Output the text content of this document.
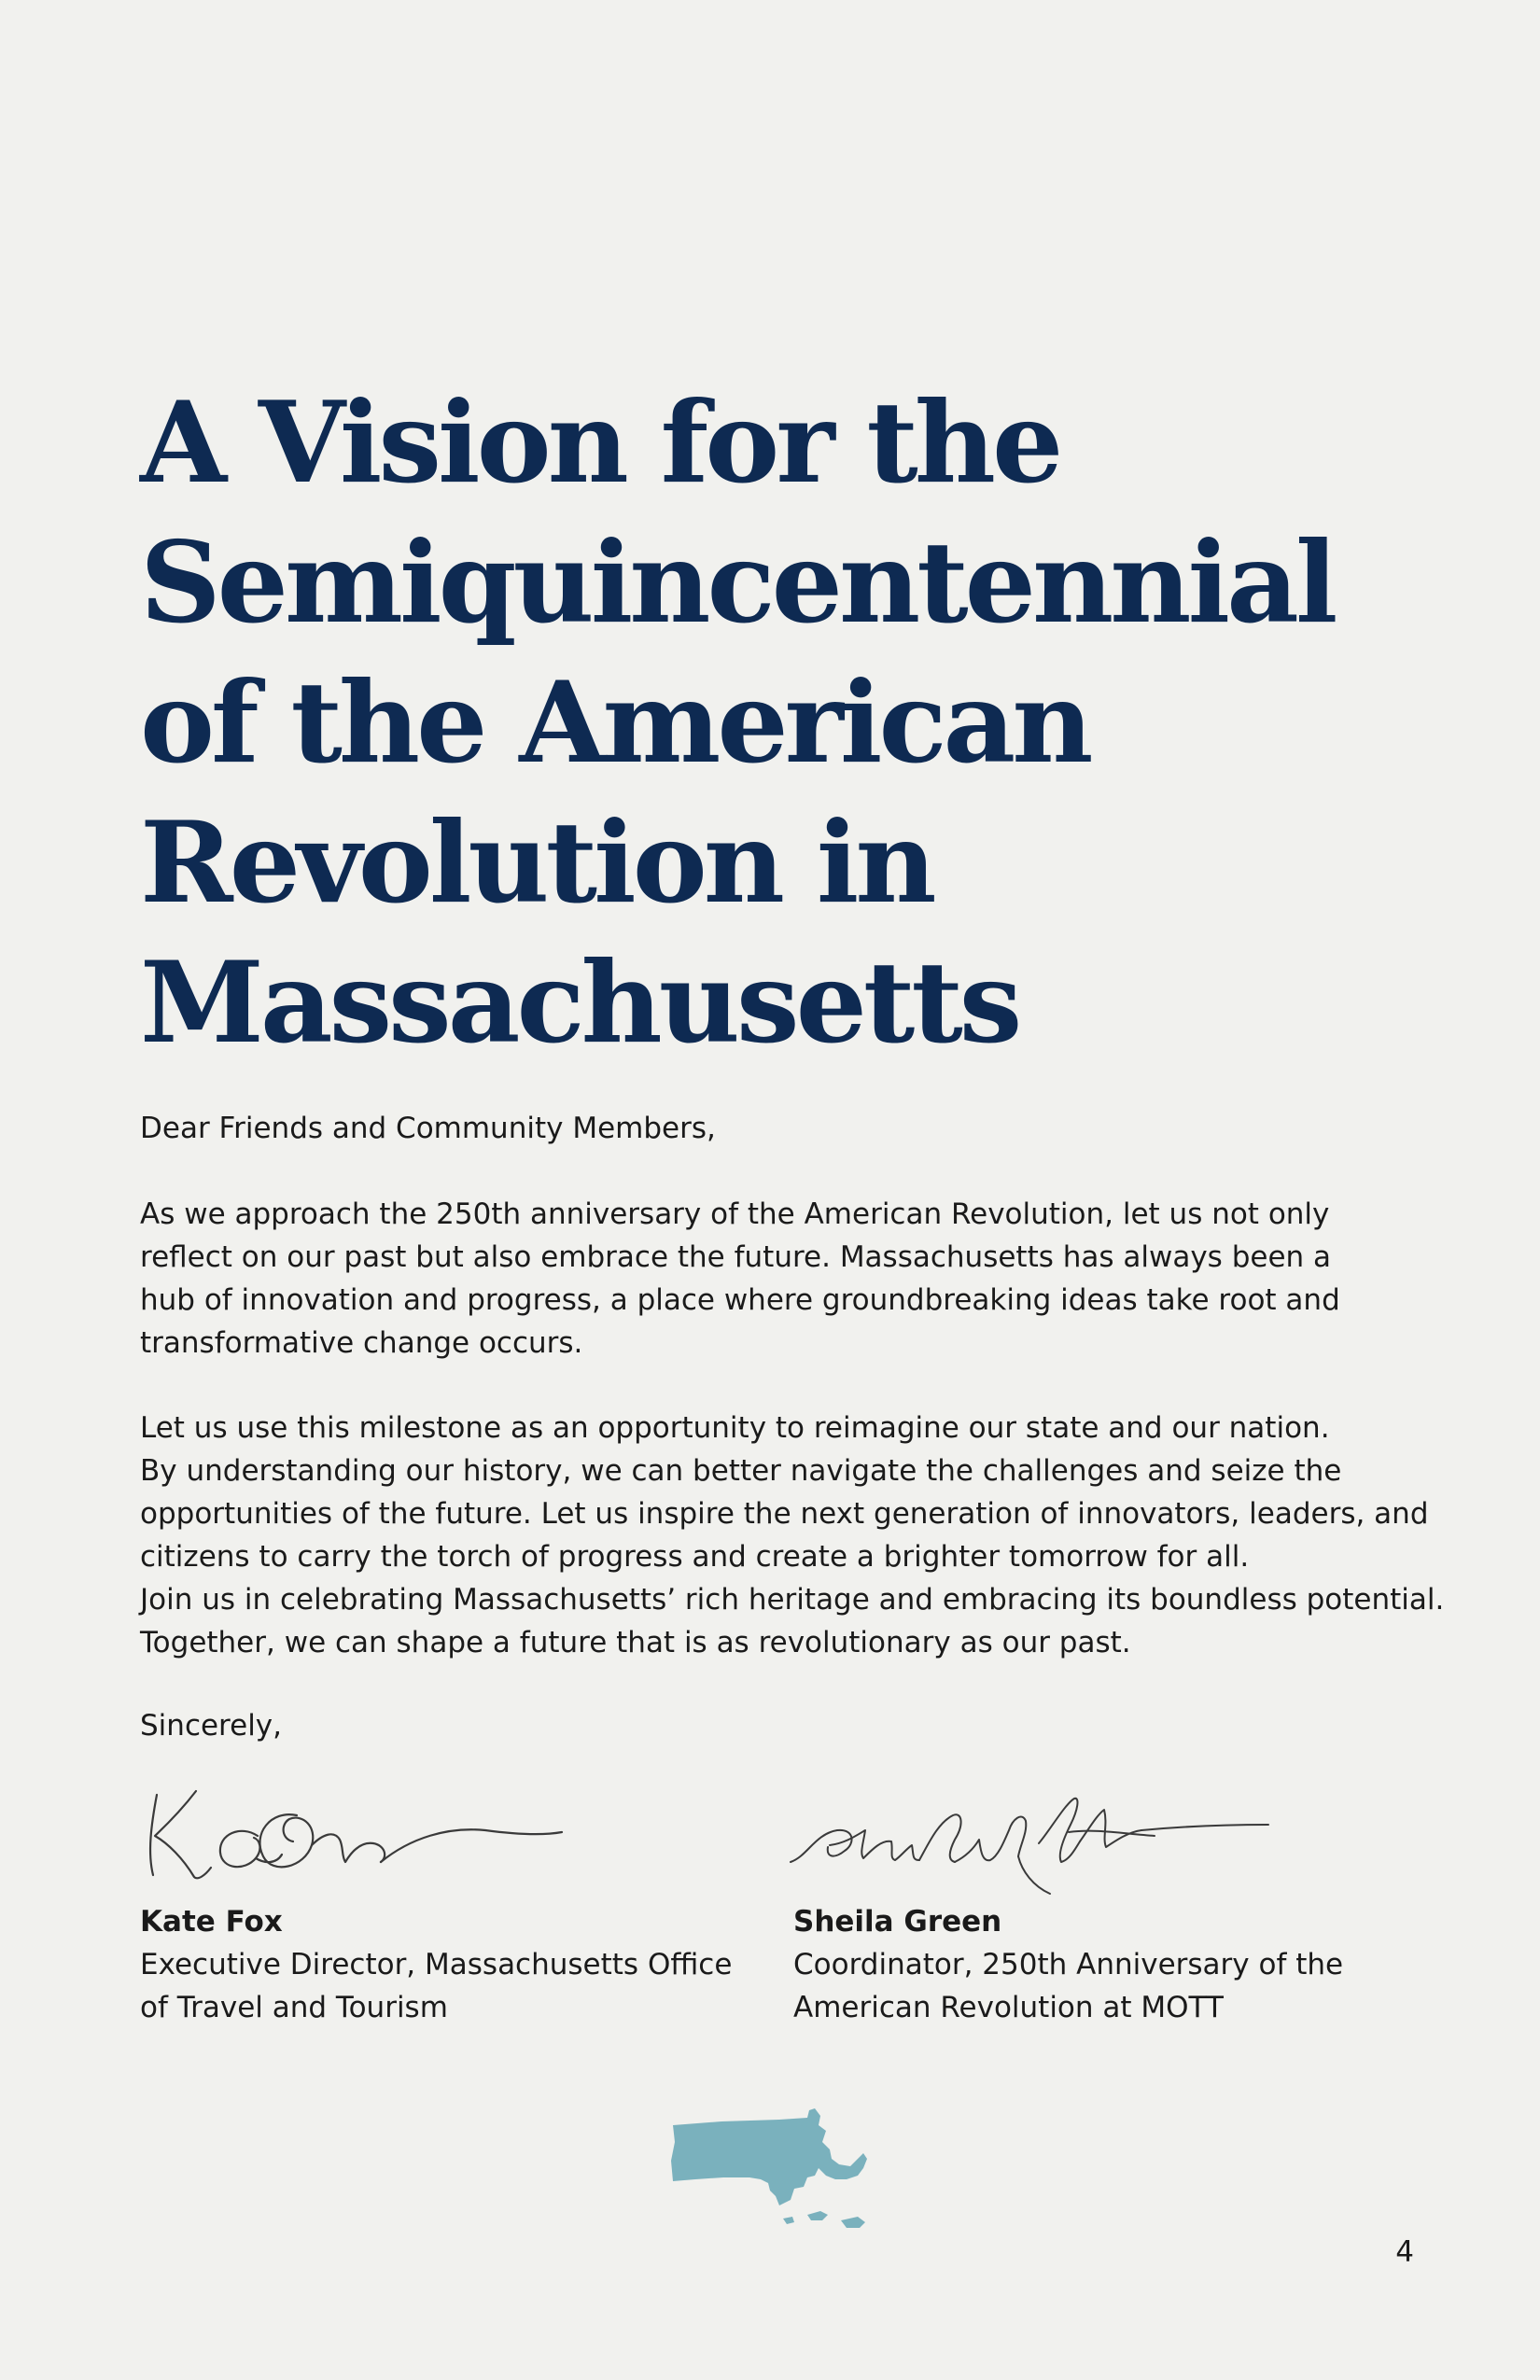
A Vision for the
Semiquincentennial
of the American
Revolution in
Massachusetts

Dear Friends and Community Members,

As we approach the 250th anniversary of the American Revolution, let us not only

reflect on our past but also embrace the future. Massachusetts has always been a

hub of innovation and progress, a place where groundbreaking ideas take root and

transformative change occurs.

Let us use this milestone as an opportunity to reimagine our state and our nation.

By understanding our history, we can better navigate the challenges and seize the

opportunities of the future. Let us inspire the next generation of innovators, leaders, and

citizens to carry the torch of progress and create a brighter tomorrow for all.

Join us in celebrating Massachusetts’ rich heritage and embracing its boundless potential.

Together, we can shape a future that is as revolutionary as our past.

Sincerely,

Kate Fox
Executive Director, Massachusetts Office
of Travel and Tourism
Sheila Green
Coordinator, 250th Anniversary of the
American Revolution at MOTT
4
